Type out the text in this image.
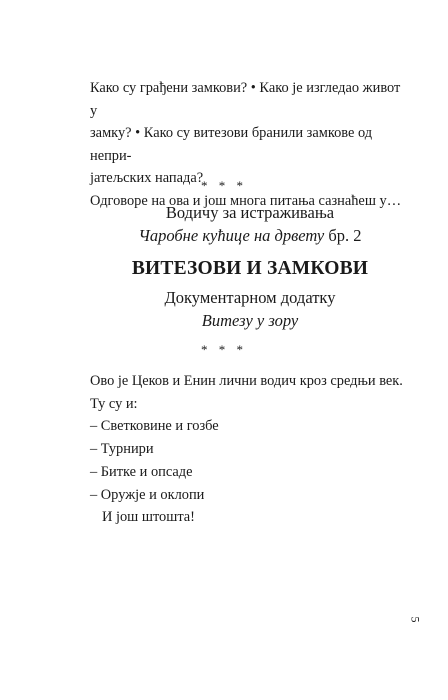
Како су грађени замкови? • Како је изгледао живот у

замку? • Како су витезови бранили замкове од непри-

јатељских напада?

Одговоре на ова и још многа питања сазнаћеш у…

* * *

Водичу за истраживања

Чаробне кућице на дрвету бр. 2

ВИТЕЗОВИ И ЗАМКОВИ

Документарном додатку

Витезу у зору

* * *

Ово је Цеков и Енин лични водич кроз средњи век.

Ту су и:

– Светковине и гозбе
– Турнири
– Битке и опсаде
– Оружје и оклопи

И још штошта!

5
